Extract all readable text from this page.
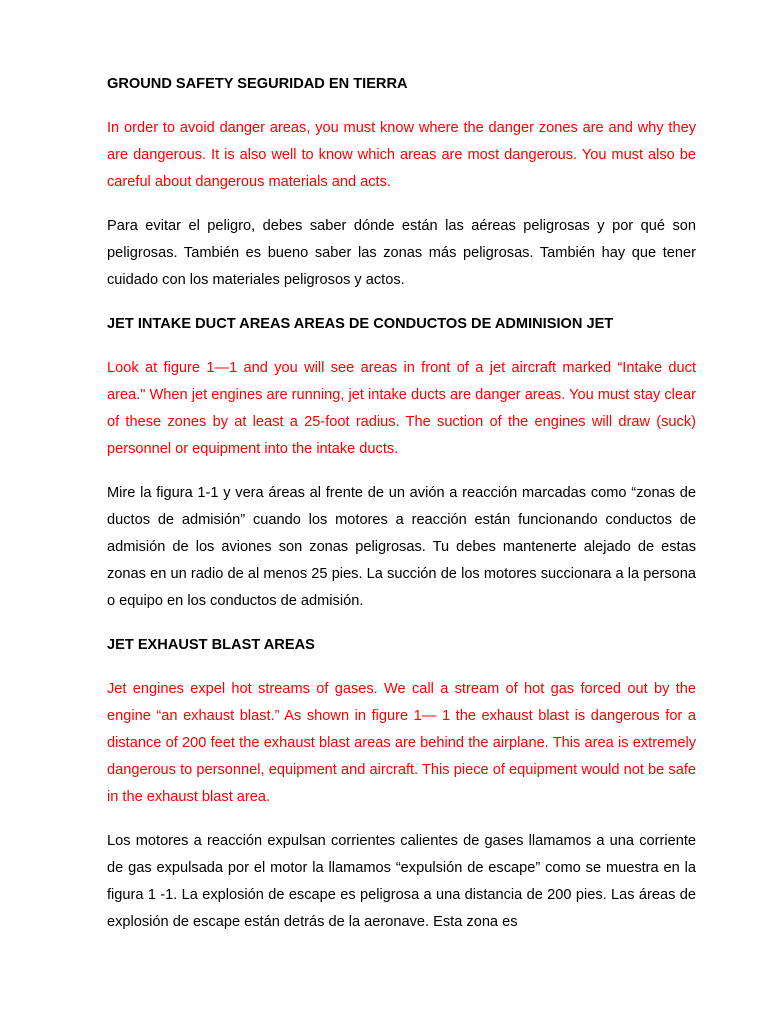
GROUND SAFETY SEGURIDAD EN TIERRA

In order to avoid danger areas, you must know where the danger zones are and why they are dangerous. It is also well to know which areas are most dangerous. You must also be careful about dangerous materials and acts.

Para evitar el peligro, debes saber dónde están las aéreas peligrosas y por qué son peligrosas. También es bueno saber las zonas más peligrosas. También hay que tener cuidado con los materiales peligrosos y actos.

JET INTAKE DUCT AREAS AREAS DE CONDUCTOS DE ADMINISION JET

Look at figure 1—1 and you will see areas in front of a jet aircraft marked “Intake duct area." When jet engines are running, jet intake ducts are danger areas. You must stay clear of these zones by at least a 25-foot radius. The suction of the engines will draw (suck) personnel or equipment into the intake ducts.

Mire la figura 1-1 y vera áreas al frente de un avión a reacción marcadas como “zonas de ductos de admisión” cuando los motores a reacción están funcionando conductos de admisión de los aviones son zonas peligrosas. Tu debes mantenerte alejado de estas zonas en un radio de al menos 25 pies. La succión de los motores succionara a la persona o equipo en los conductos de admisión.

JET EXHAUST BLAST AREAS

Jet engines expel hot streams of gases. We call a stream of hot gas forced out by the engine “an exhaust blast.” As shown in figure 1— 1 the exhaust blast is dangerous for a distance of 200 feet the exhaust blast areas are behind the airplane. This area is extremely dangerous to personnel, equipment and aircraft. This piece of equipment would not be safe in the exhaust blast area.

Los motores a reacción expulsan corrientes calientes de gases llamamos a una corriente de gas expulsada por el motor la llamamos “expulsión de escape” como se muestra en la figura 1 -1. La explosión de escape es peligrosa a una distancia de 200 pies. Las áreas de explosión de escape están detrás de la aeronave. Esta zona es
